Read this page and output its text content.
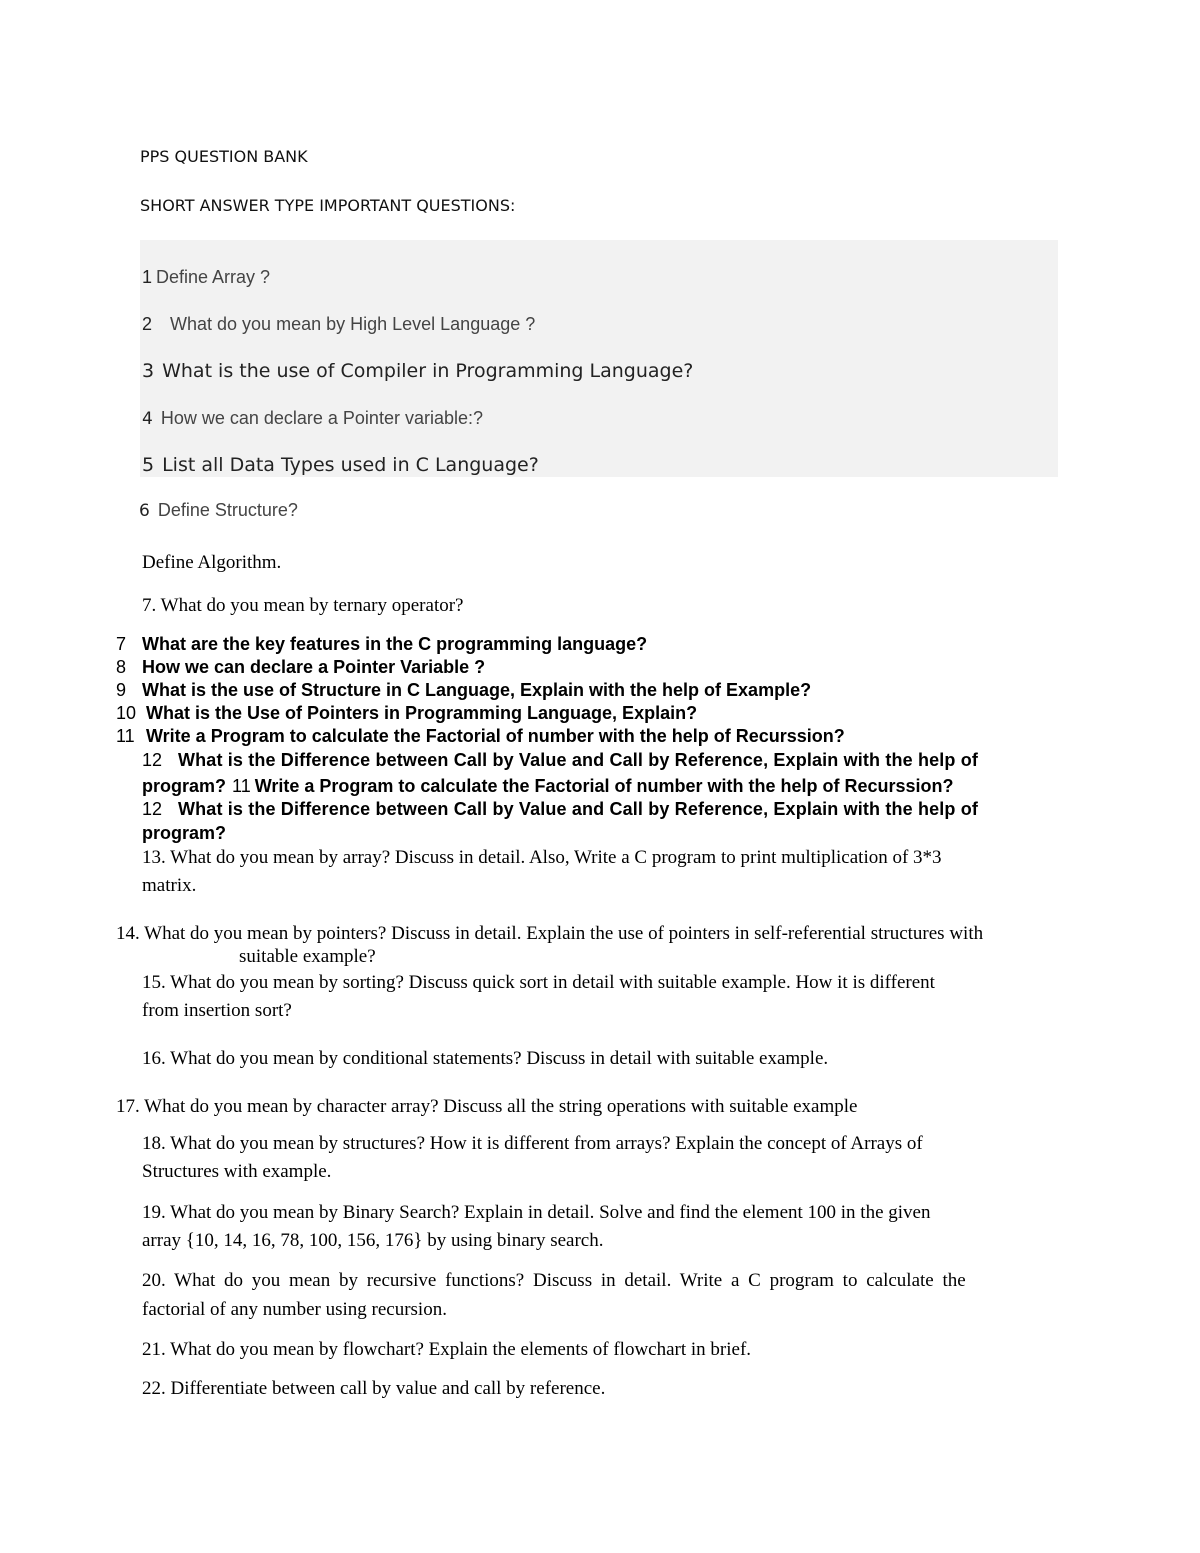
PPS QUESTION BANK
SHORT ANSWER TYPE IMPORTANT QUESTIONS:
1 Define Array ?
2 What do you mean by High Level Language ?
3 What is the use of Compiler in Programming Language?
4 How we can declare a Pointer variable:?
5 List all Data Types used in C Language?
6 Define Structure?
Define Algorithm.
7. What do you mean by ternary operator?
7 What are the key features in the C programming language?
8 How we can declare a Pointer Variable ?
9 What is the use of Structure in C Language, Explain with the help of Example?
10 What is the Use of Pointers in Programming Language, Explain?
11 Write a Program to calculate the Factorial of number with the help of Recurssion?
12 What is the Difference between Call by Value and Call by Reference, Explain with the help of
program? 11 Write a Program to calculate the Factorial of number with the help of Recurssion?
12 What is the Difference between Call by Value and Call by Reference, Explain with the help of
program?
13. What do you mean by array? Discuss in detail. Also, Write a C program to print multiplication of 3*3
matrix.
14. What do you mean by pointers? Discuss in detail. Explain the use of pointers in self-referential structures with
suitable example?
15. What do you mean by sorting? Discuss quick sort in detail with suitable example. How it is different
from insertion sort?
16. What do you mean by conditional statements? Discuss in detail with suitable example.
17. What do you mean by character array? Discuss all the string operations with suitable example
18. What do you mean by structures? How it is different from arrays? Explain the concept of Arrays of
Structures with example.
19. What do you mean by Binary Search? Explain in detail. Solve and find the element 100 in the given
array {10, 14, 16, 78, 100, 156, 176} by using binary search.
20. What do you mean by recursive functions? Discuss in detail. Write a C program to calculate the
factorial of any number using recursion.
21. What do you mean by flowchart? Explain the elements of flowchart in brief.
22. Differentiate between call by value and call by reference.
